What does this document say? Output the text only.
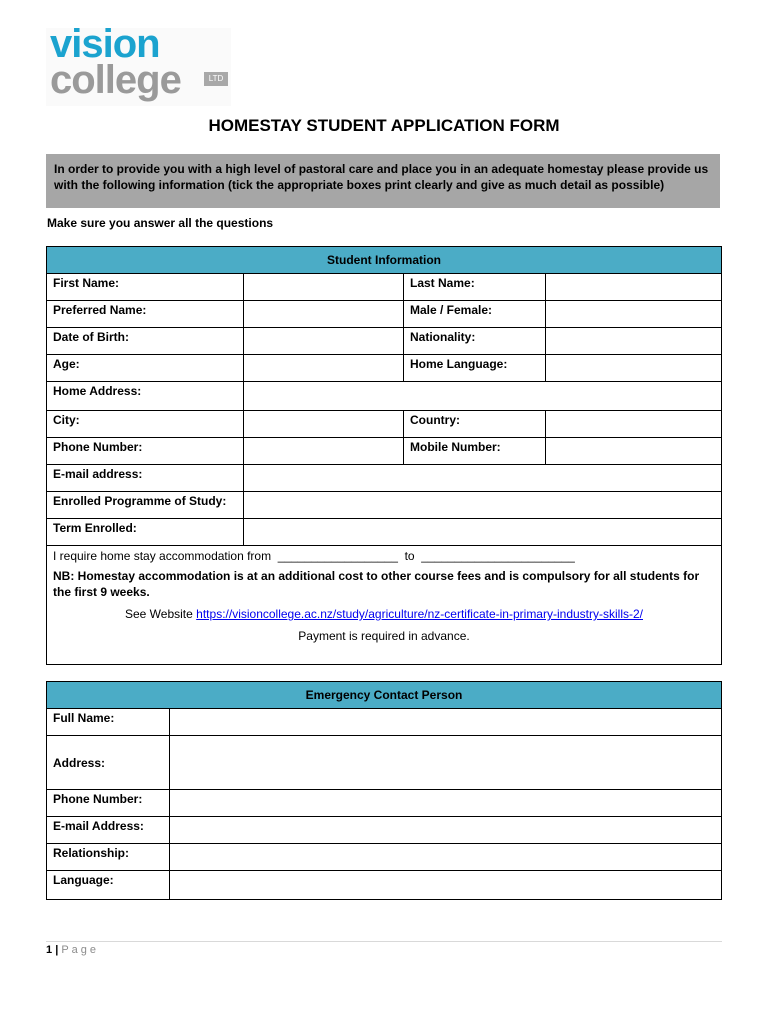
vision
college	LTD
HOMESTAY STUDENT APPLICATION FORM
In order to provide you with a high level of pastoral care and place you in an adequate homestay please provide us with the following information (tick the appropriate boxes print clearly and give as much detail as possible)
Make sure you answer all the questions
Student Information			
First Name:		Last Name:	
Preferred Name:		Male / Female:	
Date of Birth:		Nationality:	
Age:		Home Language:	
Home Address:			
City:		Country:	
Phone Number:		Mobile Number:	
E-mail address:			
Enrolled Programme of Study:			
Term Enrolled:			

I require home stay accommodation from __________________ to _______________________
NB: Homestay accommodation is at an additional cost to other course fees and is compulsory for all students for the first 9 weeks.
See Website https://visioncollege.ac.nz/study/agriculture/nz-certificate-in-primary-industry-skills-2/
Payment is required in advance.			
Emergency Contact Person	
Full Name:	
Address:	
Phone Number:	
E-mail Address:	
Relationship:	
Language:	
1 | Page
